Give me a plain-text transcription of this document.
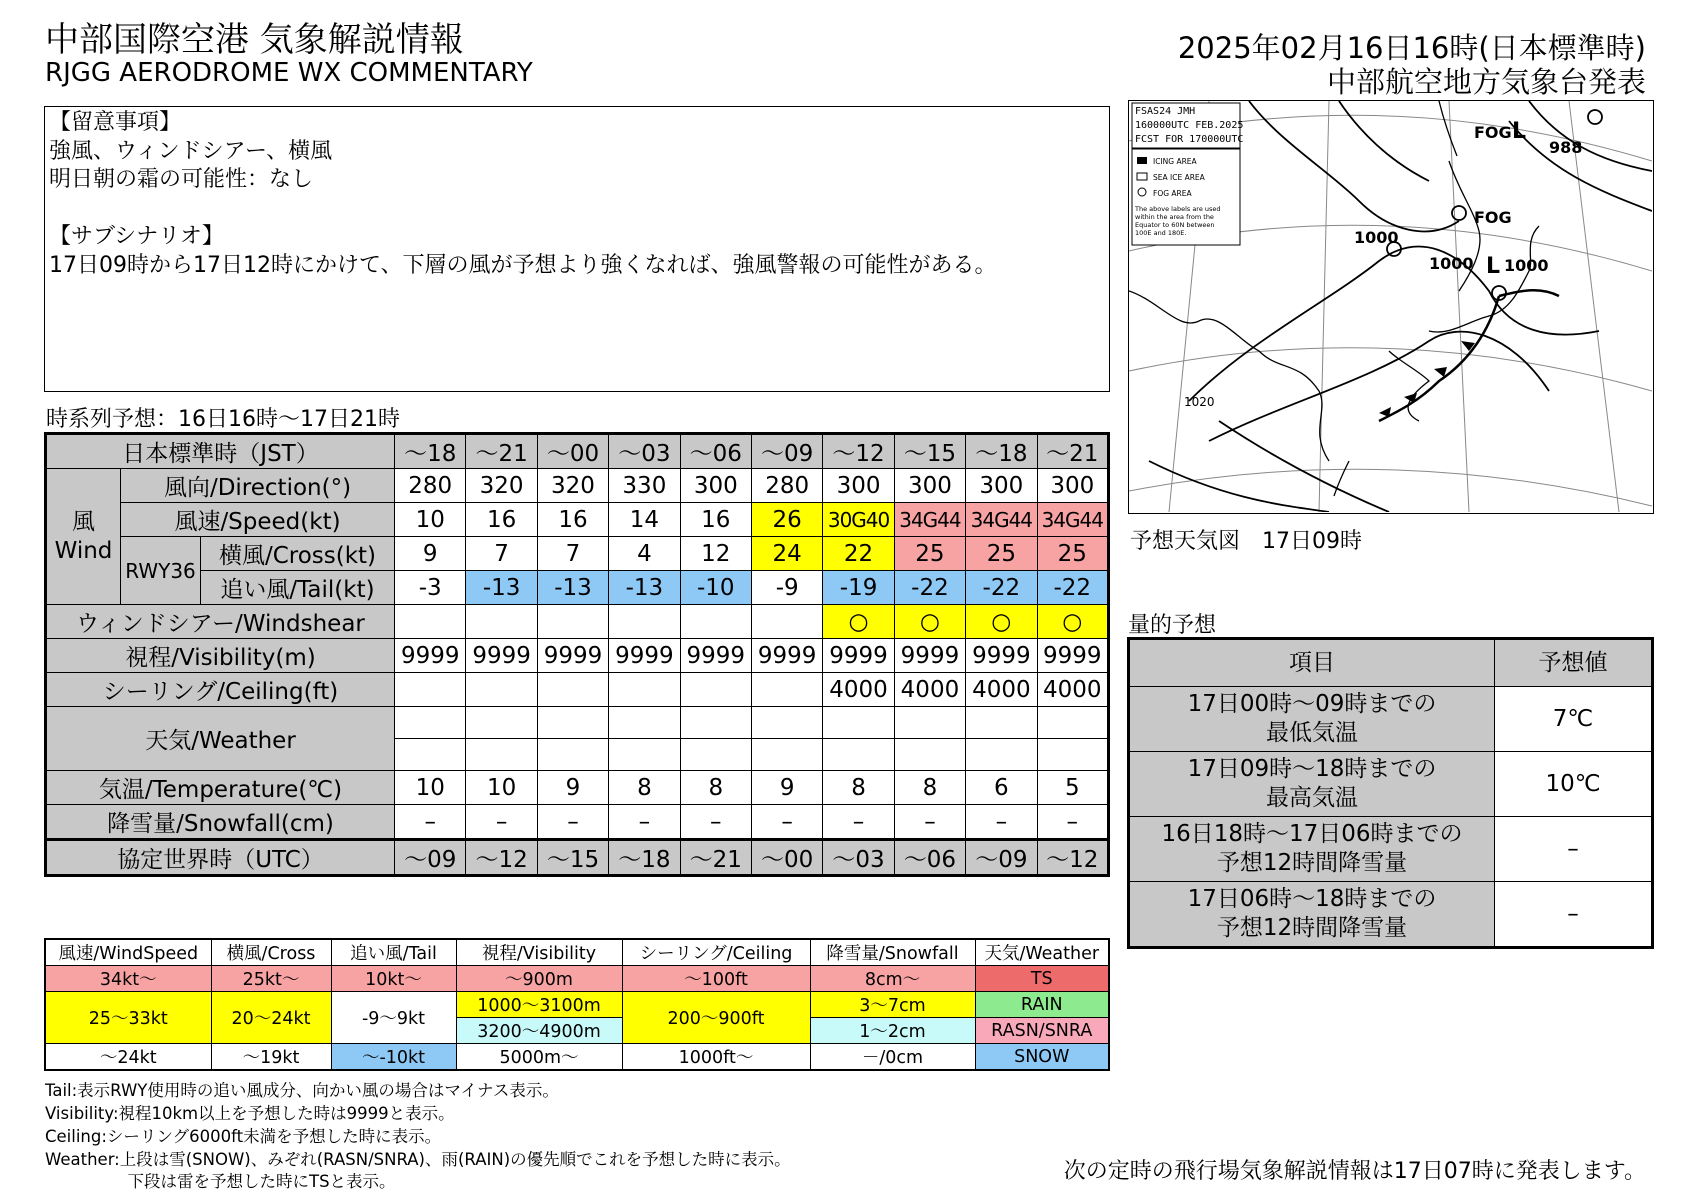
中部国際空港 気象解説情報
RJGG AERODROME WX COMMENTARY
2025年02月16日16時(日本標準時)
中部航空地方気象台発表
【留意事項】
強風、ウィンドシアー、横風
明日朝の霜の可能性：なし
【サブシナリオ】
17日09時から17日12時にかけて、下層の風が予想より強くなれば、強風警報の可能性がある。
時系列予想：16日16時～17日21時
日本標準時（JST）			～18	～21	～00	～03	～06	～09	～12	～15	～18	～21

風
Wind	風向/Direction(°)		280	320	320	330	300	280	300	300	300	300
	風速/Speed(kt)		10	16	16	14	16	26	30G40	34G44	34G44	34G44
	RWY36	横風/Cross(kt)	9	7	7	4	12	24	22	25	25	25
		追い風/Tail(kt)	-3	-13	-13	-13	-10	-9	-19	-22	-22	-22
ウィンドシアー/Windshear									○	○	○	○
視程/Visibility(m)			9999	9999	9999	9999	9999	9999	9999	9999	9999	9999
シーリング/Ceiling(ft)									4000	4000	4000	4000
天気/Weather												

気温/Temperature(℃)			10	10	9	8	8	9	8	8	6	5
降雪量/Snowfall(cm)			–	–	–	–	–	–	–	–	–	–
協定世界時（UTC）			～09	～12	～15	～18	～21	～00	～03	～06	～09	～12
FOG
FOG
988
1000
1000 1000
1020
L
L
FSAS24 JMH
160000UTC FEB.2025
FCST FOR 170000UTC
ICING AREA
SEA ICE AREA
FOG AREA
The above labels are used
within the area from the
Equator to 60N between
100E and 180E.
予想天気図　17日09時
量的予想
項目	予想値

17日00時～09時までの
最低気温	7℃

17日09時～18時までの
最高気温	10℃

16日18時～17日06時までの
予想12時間降雪量	–

17日06時～18時までの
予想12時間降雪量	–
風速/WindSpeed	横風/Cross	追い風/Tail	視程/Visibility	シーリング/Ceiling	降雪量/Snowfall	天気/Weather
34kt～	25kt～	10kt～	～900m	～100ft	8cm～	TS
25～33kt	20～24kt	-9～9kt	1000～3100m	200～900ft	3～7cm	RAIN
			3200～4900m		1～2cm	RASN/SNRA
～24kt	～19kt	～-10kt	5000m～	1000ft～	－/0cm	SNOW
Tail:表示RWY使用時の追い風成分、向かい風の場合はマイナス表示。
Visibility:視程10km以上を予想した時は9999と表示。
Ceiling:シーリング6000ft未満を予想した時に表示。
Weather:上段は雪(SNOW)、みぞれ(RASN/SNRA)、雨(RAIN)の優先順でこれを予想した時に表示。
　　　　　下段は雷を予想した時にTSと表示。	次の定時の飛行場気象解説情報は17日07時に発表します。
